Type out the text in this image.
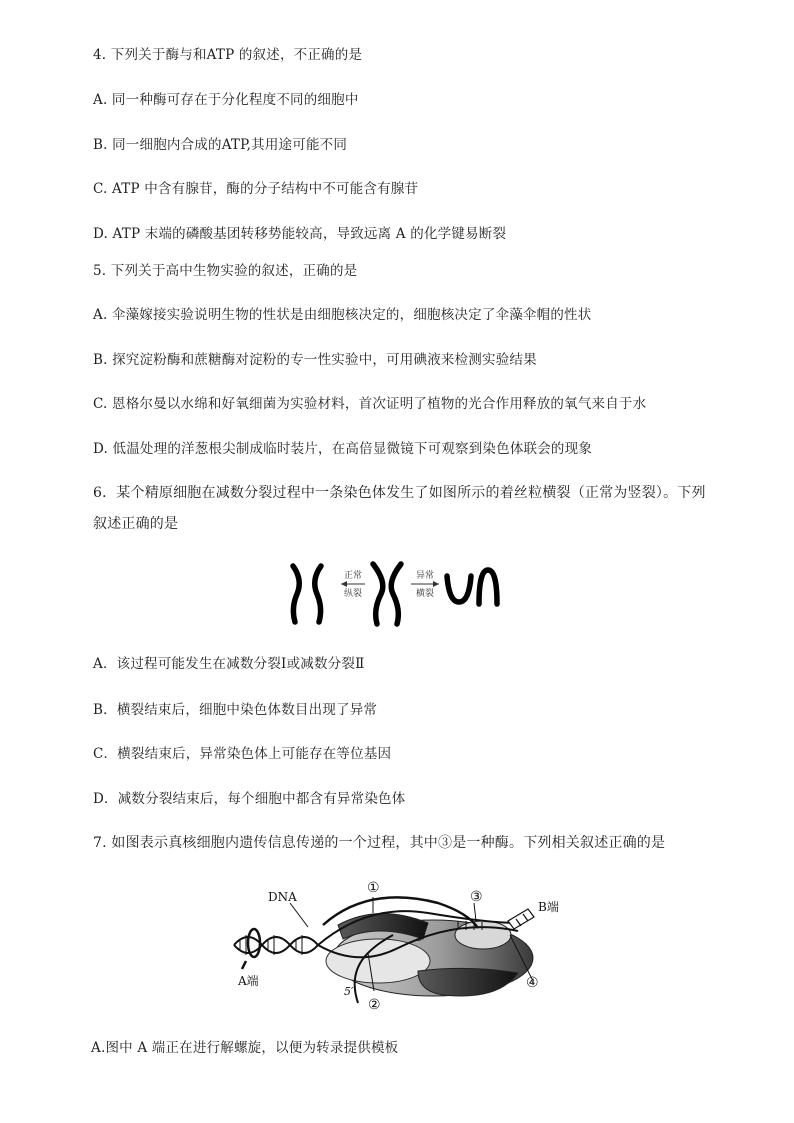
4. 下列关于酶与和ATP 的叙述，不正确的是
A. 同一种酶可存在于分化程度不同的细胞中
B. 同一细胞内合成的ATP,其用途可能不同
C. ATP 中含有腺苷，酶的分子结构中不可能含有腺苷
D. ATP 末端的磷酸基团转移势能较高，导致远离 A 的化学键易断裂
5. 下列关于高中生物实验的叙述，正确的是
A. 伞藻嫁接实验说明生物的性状是由细胞核决定的，细胞核决定了伞藻伞帽的性状
B. 探究淀粉酶和蔗糖酶对淀粉的专一性实验中，可用碘液来检测实验结果
C. 恩格尔曼以水绵和好氧细菌为实验材料，首次证明了植物的光合作用释放的氧气来自于水
D. 低温处理的洋葱根尖制成临时装片，在高倍显微镜下可观察到染色体联会的现象
6．某个精原细胞在减数分裂过程中一条染色体发生了如图所示的着丝粒横裂（正常为竖裂）。下列
叙述正确的是
正常
纵裂
异常
横裂
A．该过程可能发生在减数分裂Ⅰ或减数分裂Ⅱ
B．横裂结束后，细胞中染色体数目出现了异常
C．横裂结束后，异常染色体上可能存在等位基因
D．减数分裂结束后，每个细胞中都含有异常染色体
7. 如图表示真核细胞内遗传信息传递的一个过程，其中③是一种酶。下列相关叙述正确的是
DNA
①
②
③
④
3′
5′
A端
B端
A.图中 A 端正在进行解螺旋，以便为转录提供模板
